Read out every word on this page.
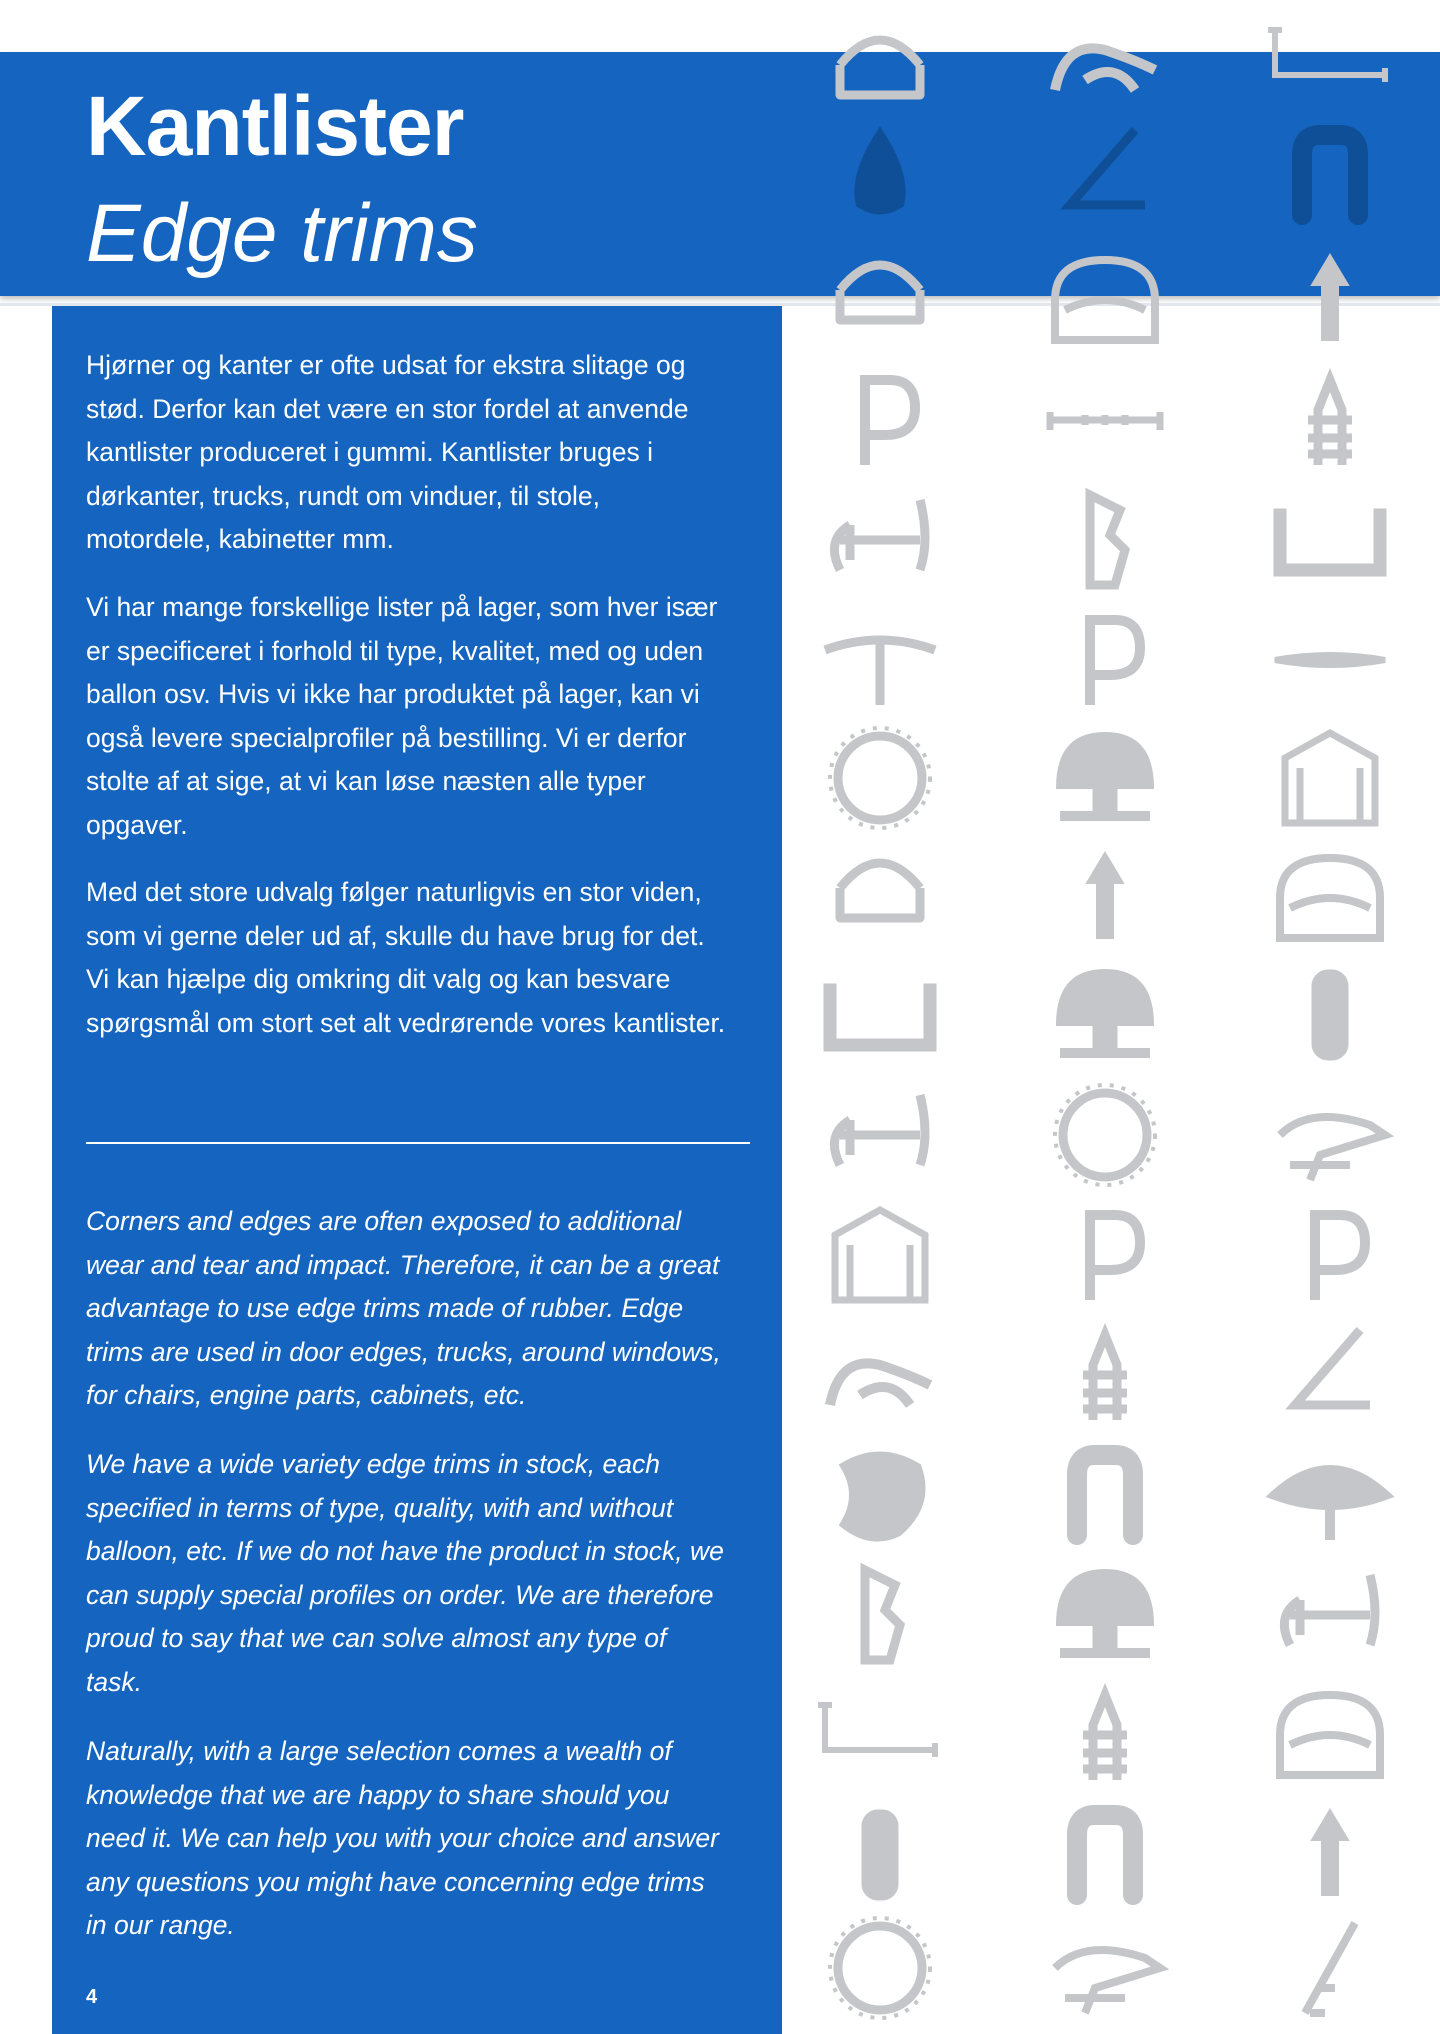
Kantlister
Edge trims

Hjørner og kanter er ofte udsat for ekstra slitage og stød. Derfor kan det være en stor fordel at anvende kantlister produceret i gummi. Kantlister bruges i dørkanter, trucks, rundt om vinduer, til stole, motordele, kabinetter mm.

Vi har mange forskellige lister på lager, som hver især er specificeret i forhold til type, kvalitet, med og uden ballon osv. Hvis vi ikke har produktet på lager, kan vi også levere specialprofiler på bestilling. Vi er derfor stolte af at sige, at vi kan løse næsten alle typer opgaver.

Med det store udvalg følger naturligvis en stor viden, som vi gerne deler ud af, skulle du have brug for det. Vi kan hjælpe dig omkring dit valg og kan besvare spørgsmål om stort set alt vedrørende vores kantlister.

Corners and edges are often exposed to additional wear and tear and impact. Therefore, it can be a great advantage to use edge trims made of rubber. Edge trims are used in door edges, trucks, around windows, for chairs, engine parts, cabinets, etc.

We have a wide variety edge trims in stock, each specified in terms of type, quality, with and without balloon, etc. If we do not have the product in stock, we can supply special profiles on order. We are therefore proud to say that we can solve almost any type of task.

Naturally, with a large selection comes a wealth of knowledge that we are happy to share should you need it. We can help you with your choice and answer any questions you might have concerning edge trims in our range.

4
